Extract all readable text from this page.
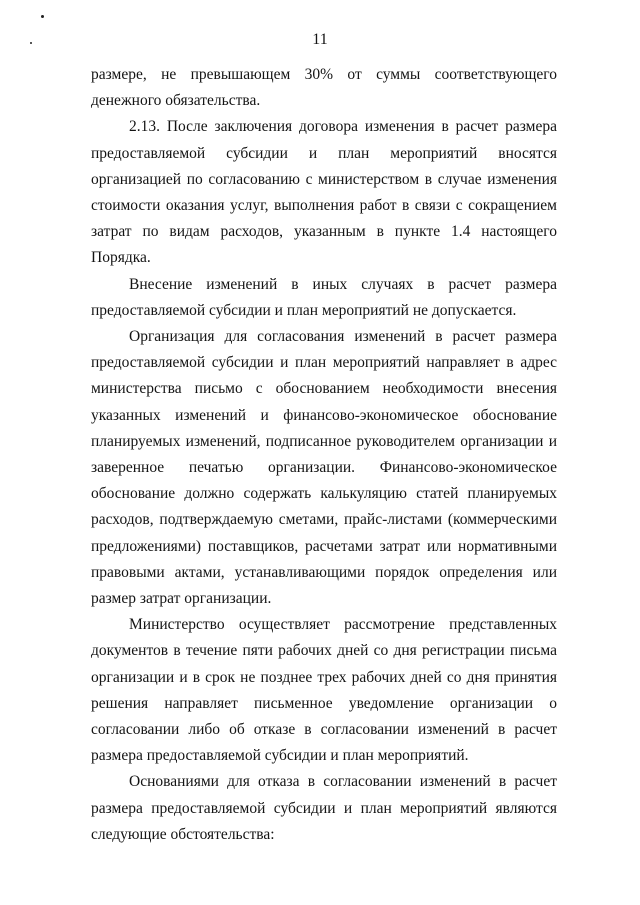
11

размере, не превышающем 30% от суммы соответствующего денежного обязательства.

2.13. После заключения договора изменения в расчет размера предоставляемой субсидии и план мероприятий вносятся организацией по согласованию с министерством в случае изменения стоимости оказания услуг, выполнения работ в связи с сокращением затрат по видам расходов, указанным в пункте 1.4 настоящего Порядка.

Внесение изменений в иных случаях в расчет размера предоставляемой субсидии и план мероприятий не допускается.

Организация для согласования изменений в расчет размера предоставляемой субсидии и план мероприятий направляет в адрес министерства письмо с обоснованием необходимости внесения указанных изменений и финансово-экономическое обоснование планируемых изменений, подписанное руководителем организации и заверенное печатью организации. Финансово-экономическое обоснование должно содержать калькуляцию статей планируемых расходов, подтверждаемую сметами, прайс-листами (коммерческими предложениями) поставщиков, расчетами затрат или нормативными правовыми актами, устанавливающими порядок определения или размер затрат организации.

Министерство осуществляет рассмотрение представленных документов в течение пяти рабочих дней со дня регистрации письма организации и в срок не позднее трех рабочих дней со дня принятия решения направляет письменное уведомление организации о согласовании либо об отказе в согласовании изменений в расчет размера предоставляемой субсидии и план мероприятий.

Основаниями для отказа в согласовании изменений в расчет размера предоставляемой субсидии и план мероприятий являются следующие обстоятельства:
